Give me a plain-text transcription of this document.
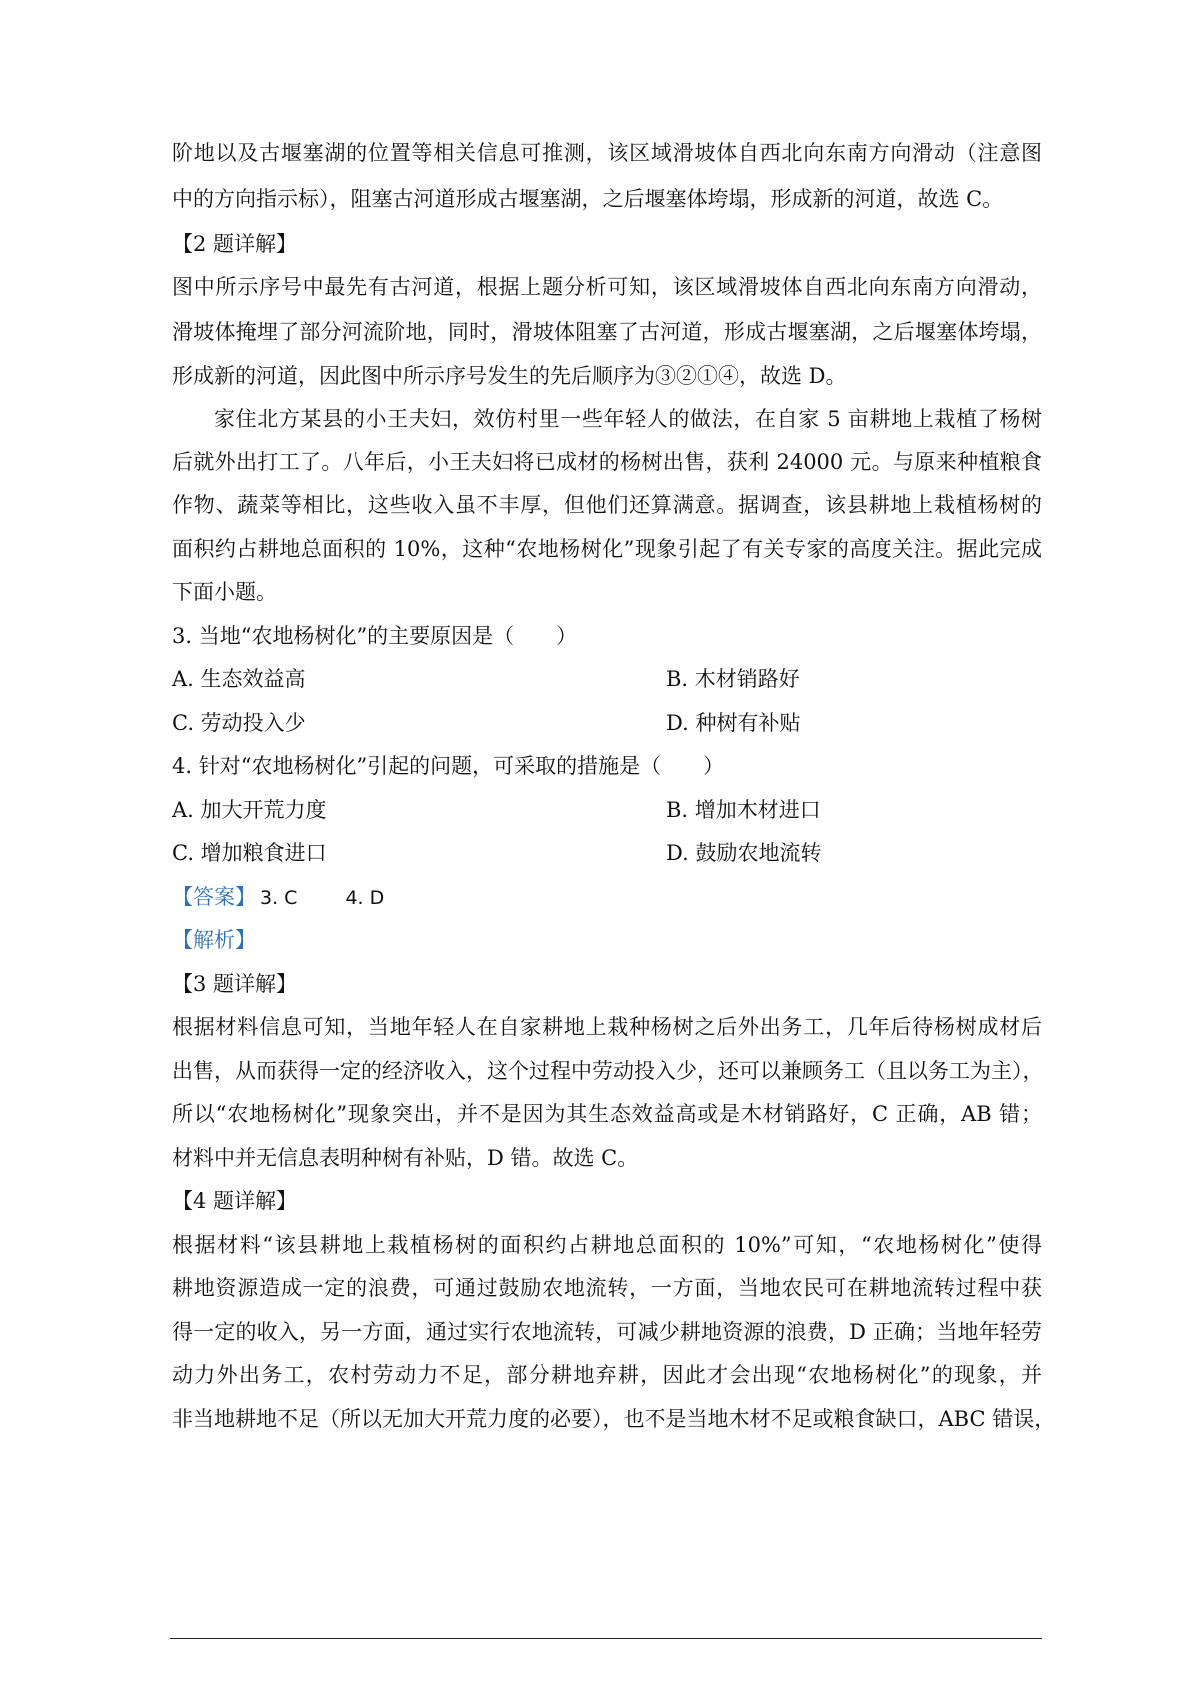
阶地以及古堰塞湖的位置等相关信息可推测，该区域滑坡体自西北向东南方向滑动（注意图
中的方向指示标），阻塞古河道形成古堰塞湖，之后堰塞体垮塌，形成新的河道，故选 C。
【2 题详解】
图中所示序号中最先有古河道，根据上题分析可知，该区域滑坡体自西北向东南方向滑动，
滑坡体掩埋了部分河流阶地，同时，滑坡体阻塞了古河道，形成古堰塞湖，之后堰塞体垮塌，
形成新的河道，因此图中所示序号发生的先后顺序为③②①④，故选 D。
家住北方某县的小王夫妇，效仿村里一些年轻人的做法，在自家 5 亩耕地上栽植了杨树
后就外出打工了。八年后，小王夫妇将已成材的杨树出售，获利 24000 元。与原来种植粮食
作物、蔬菜等相比，这些收入虽不丰厚，但他们还算满意。据调查，该县耕地上栽植杨树的
面积约占耕地总面积的 10%，这种“农地杨树化”现象引起了有关专家的高度关注。据此完成
下面小题。
3. 当地“农地杨树化”的主要原因是（　　）
A. 生态效益高	B. 木材销路好
C. 劳动投入少	D. 种树有补贴
4. 针对“农地杨树化”引起的问题，可采取的措施是（　　）
A. 加大开荒力度	B. 增加木材进口
C. 增加粮食进口	D. 鼓励农地流转
【答案】 3. C	4. D
【解析】
【3 题详解】
根据材料信息可知，当地年轻人在自家耕地上栽种杨树之后外出务工，几年后待杨树成材后
出售，从而获得一定的经济收入，这个过程中劳动投入少，还可以兼顾务工（且以务工为主），
所以“农地杨树化”现象突出，并不是因为其生态效益高或是木材销路好，C 正确，AB 错；
材料中并无信息表明种树有补贴，D 错。故选 C。
【4 题详解】
根据材料“该县耕地上栽植杨树的面积约占耕地总面积的 10%”可知，“农地杨树化”使得
耕地资源造成一定的浪费，可通过鼓励农地流转，一方面，当地农民可在耕地流转过程中获
得一定的收入，另一方面，通过实行农地流转，可减少耕地资源的浪费，D 正确；当地年轻劳
动力外出务工，农村劳动力不足，部分耕地弃耕，因此才会出现“农地杨树化”的现象，并
非当地耕地不足（所以无加大开荒力度的必要），也不是当地木材不足或粮食缺口，ABC 错误，
